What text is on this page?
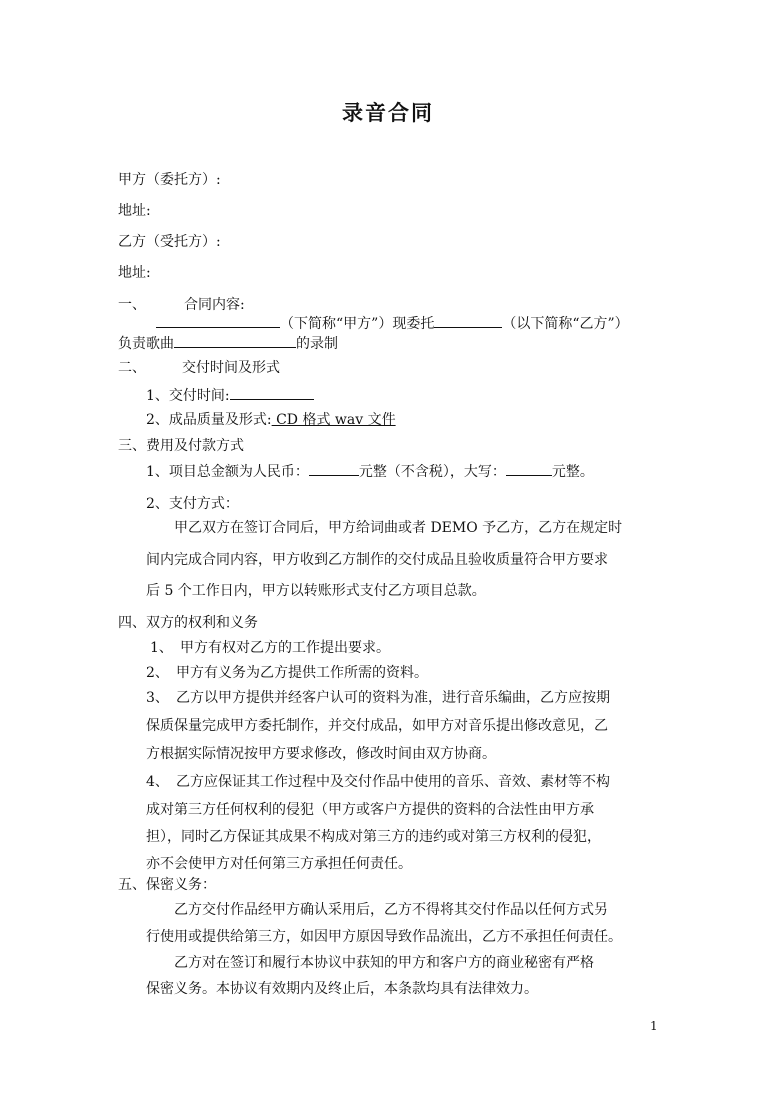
录音合同
甲方（委托方）:
地址:
乙方（受托方）:
地址:
一、	合同内容:
（下简称“甲方”）现委托	（以下简称“乙方”）
负责歌曲	的录制
二、	交付时间及形式
1、交付时间:
2、成品质量及形式: CD 格式 wav 文件
三、费用及付款方式
1、项目总金额为人民币：	元整（不含税），大写：	元整。
2、支付方式：
甲乙双方在签订合同后，甲方给词曲或者 DEMO 予乙方，乙方在规定时
间内完成合同内容，甲方收到乙方制作的交付成品且验收质量符合甲方要求
后 5 个工作日内，甲方以转账形式支付乙方项目总款。
四、双方的权利和义务
1、 甲方有权对乙方的工作提出要求。
2、 甲方有义务为乙方提供工作所需的资料。
3、 乙方以甲方提供并经客户认可的资料为准，进行音乐编曲，乙方应按期
保质保量完成甲方委托制作，并交付成品，如甲方对音乐提出修改意见，乙
方根据实际情况按甲方要求修改，修改时间由双方协商。
4、 乙方应保证其工作过程中及交付作品中使用的音乐、音效、素材等不构
成对第三方任何权利的侵犯（甲方或客户方提供的资料的合法性由甲方承
担），同时乙方保证其成果不构成对第三方的违约或对第三方权利的侵犯，
亦不会使甲方对任何第三方承担任何责任。
五、保密义务：
乙方交付作品经甲方确认采用后，乙方不得将其交付作品以任何方式另
行使用或提供给第三方，如因甲方原因导致作品流出，乙方不承担任何责任。
乙方对在签订和履行本协议中获知的甲方和客户方的商业秘密有严格
保密义务。本协议有效期内及终止后，本条款均具有法律效力。
1
